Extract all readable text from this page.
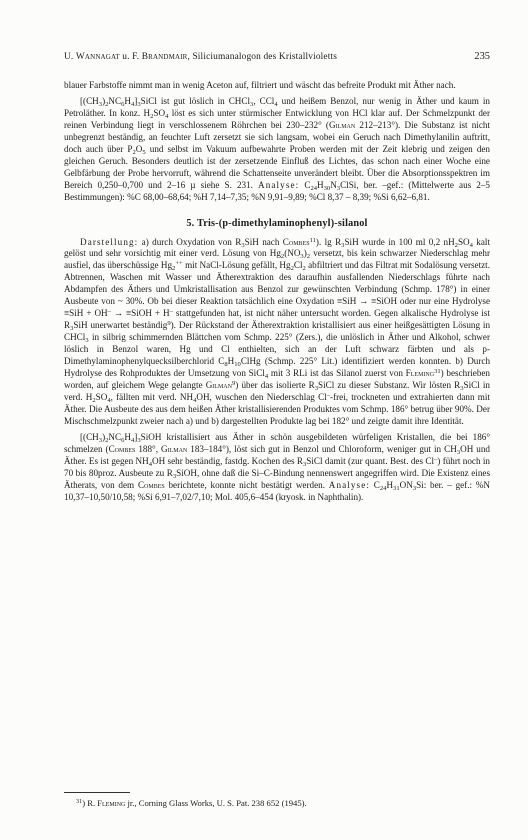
U. Wannagat u. F. Brandmair, Siliciumanalogon des Kristallvioletts	235

blauer Farbstoffe nimmt man in wenig Aceton auf, filtriert und wäscht das befreite Produkt mit Äther nach.

$[(CH_3)_2NC_6H_4]_3SiCl$ ist gut löslich in CHCl$_3$, CCl$_4$ und heißem Benzol, nur wenig in Äther und kaum in Petroläther. In konz. $H_2SO_4$ löst es sich unter stürmischer Entwicklung von HCl klar auf. Der Schmelzpunkt der reinen Verbindung liegt in verschlossenem Röhrchen bei 230–232° (Gilman 212–213°). Die Substanz ist nicht unbegrenzt beständig, an feuchter Luft zersetzt sie sich langsam, wobei ein Geruch nach Dimethylanilin auftritt, doch auch über $P_2O_5$ und selbst im Vakuum aufbewahrte Proben werden mit der Zeit klebrig und zeigen den gleichen Geruch. Besonders deutlich ist der zersetzende Einfluß des Lichtes, das schon nach einer Woche eine Gelbfärbung der Probe hervorruft, während die Schattenseite unverändert bleibt. Über die Absorptionsspektren im Bereich 0,250–0,700 und 2–16 µ siehe S. 231. Analyse: $C_{24}H_{30}N_3ClSi$, ber. –gef.: (Mittelwerte aus 2–5 Bestimmungen): %C 68,00–68,64; %H 7,14–7,35; %N 9,91–9,89; %Cl 8,37 – 8,39; %Si 6,62–6,81.

5. Tris-(p-dimethylaminophenyl)-silanol

Darstellung: a) durch Oxydation von $R_3SiH$ nach Combes$^{11}$). $\lg R_3SiH$ wurde in 100 ml 0,2 $nH_2SO_4$ kalt gelöst und sehr vorsichtig mit einer verd. Lösung von $Hg_2(NO_3)_2$ versetzt, bis kein schwarzer Niederschlag mehr ausfiel, das überschüssige $Hg_2^{++}$ mit NaCl-Lösung gefällt, $Hg_2Cl_2$ abfiltriert und das Filtrat mit Sodalösung versetzt. Abtrennen, Waschen mit Wasser und Ätherextraktion des daraufhin ausfallenden Niederschlags führte nach Abdampfen des Äthers und Umkristallisation aus Benzol zur gewünschten Verbindung (Schmp. 178°) in einer Ausbeute von ~ 30%. Ob bei dieser Reaktion tatsächlich eine Oxydation ≡SiH → ≡SiOH oder nur eine Hydrolyse ≡SiH + OH– → ≡SiOH + H– stattgefunden hat, ist nicht näher untersucht worden. Gegen alkalische Hydrolyse ist $R_3SiH$ unerwartet beständig$^9$). Der Rückstand der Ätherextraktion kristallisiert aus einer heißgesättigten Lösung in CHCl$_3$ in silbrig schimmernden Blättchen vom Schmp. 225° (Zers.), die unlöslich in Äther und Alkohol, schwer löslich in Benzol waren, Hg und Cl enthielten, sich an der Luft schwarz färbten und als p-Dimethylaminophenylquecksilberchlorid $C_8H_{10}ClHg$ (Schmp. 225° Lit.) identifiziert werden konnten. b) Durch Hydrolyse des Rohproduktes der Umsetzung von SiCl$_4$ mit 3 RLi ist das Silanol zuerst von Fleming$^{31}$) beschrieben worden, auf gleichem Wege gelangte Gilman$^9$) über das isolierte $R_3SiCl$ zu dieser Substanz. Wir lösten $R_3SiCl$ in verd. $H_2SO_4$, fällten mit verd. $NH_4OH$, wuschen den Niederschlag Cl–-frei, trockneten und extrahierten dann mit Äther. Die Ausbeute des aus dem heißen Äther kristallisierenden Produktes vom Schmp. 186° betrug über 90%. Der Mischschmelzpunkt zweier nach a) und b) dargestellten Produkte lag bei 182° und zeigte damit ihre Identität.

$[(CH_3)_2NC_6H_4]_3SiOH$ kristallisiert aus Äther in schön ausgebildeten würfeligen Kristallen, die bei 186° schmelzen (Combes 188°, Gilman 183–184°), löst sich gut in Benzol und Chloroform, weniger gut in $CH_3OH$ und Äther. Es ist gegen $NH_4OH$ sehr beständig, fastdg. Kochen des $R_3SiCl$ damit (zur quant. Best. des Cl–) führt noch in 70 bis 80proz. Ausbeute zu $R_3SiOH$, ohne daß die Si–C-Bindung nennenswert angegriffen wird. Die Existenz eines Ätherats, von dem Combes berichtete, konnte nicht bestätigt werden. Analyse: $C_{24}H_{31}ON_3Si$: ber. – gef.: %N 10,37–10,50/10,58; %Si 6,91–7,02/7,10; Mol. 405,6–454 (kryosk. in Naphthalin).

$^{31}$) R. Fleming jr., Corning Glass Works, U. S. Pat. 238 652 (1945).
